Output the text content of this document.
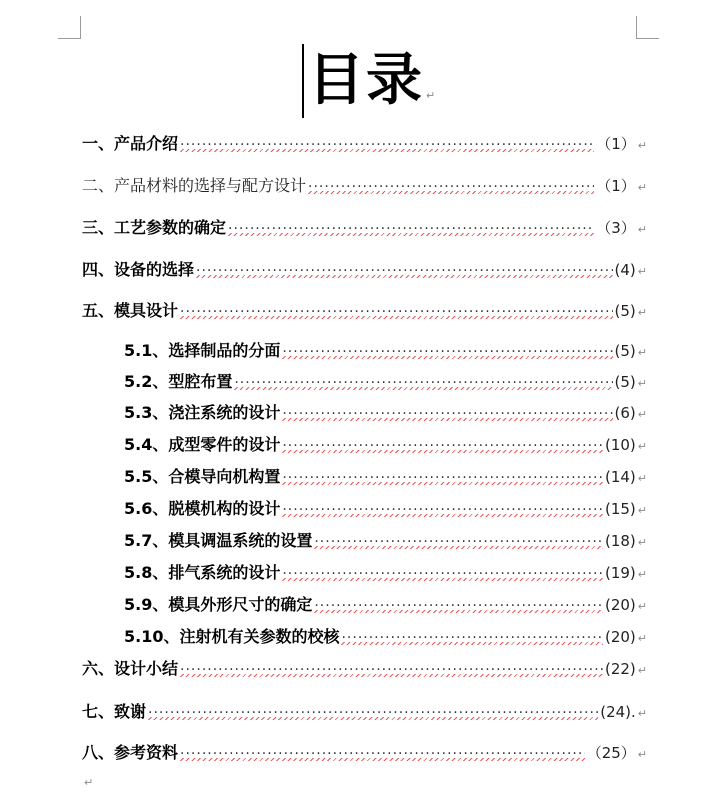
目录 ↵
一、产品介绍 ·····	（1） ↵
二、产品材料的选择与配方设计 ·····	（1） ↵
三、工艺参数的确定 ·····	（3） ↵
四、设备的选择 ·····	(4) ↵
五、模具设计 ·····	(5) ↵
5.1、选择制品的分面 ·····	(5) ↵
5.2、型腔布置 ·····	(5) ↵
5.3、浇注系统的设计 ·····	(6) ↵
5.4、成型零件的设计 ·····	(10) ↵
5.5、合模导向机构置 ·····	(14) ↵
5.6、脱模机构的设计 ·····	(15) ↵
5.7、模具调温系统的设置 ·····	(18) ↵
5.8、排气系统的设计 ·····	(19) ↵
5.9、模具外形尺寸的确定 ·····	(20) ↵
5.10、注射机有关参数的校核 ·····	(20) ↵
六、设计小结 ·····	(22) ↵
七、致谢 ·····	(24). ↵
八、参考资料 ·····	（25） ↵
↵
